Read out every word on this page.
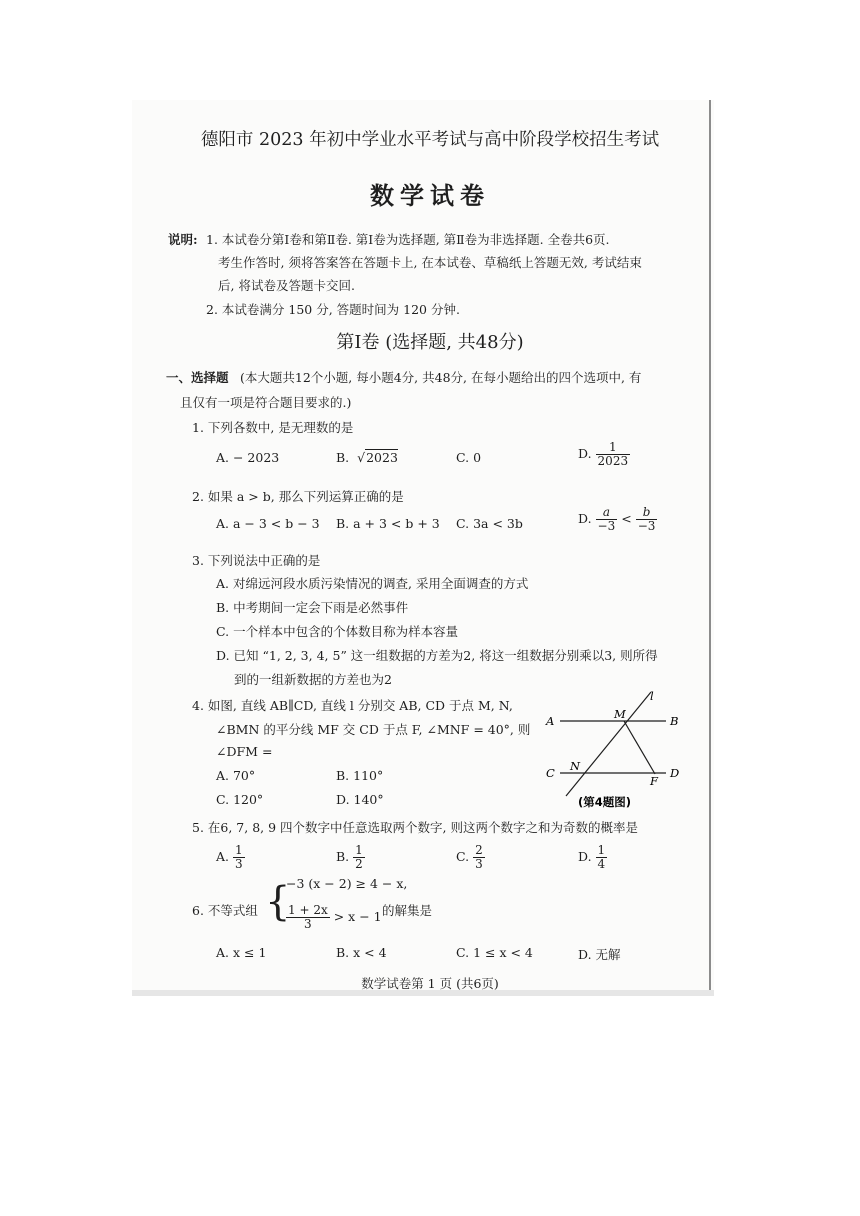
德阳市 2023 年初中学业水平考试与高中阶段学校招生考试
数学试卷
说明: 1. 本试卷分第Ⅰ卷和第Ⅱ卷. 第Ⅰ卷为选择题, 第Ⅱ卷为非选择题. 全卷共6页.
考生作答时, 须将答案答在答题卡上, 在本试卷、草稿纸上答题无效, 考试结束
后, 将试卷及答题卡交回.
2. 本试卷满分 150 分, 答题时间为 120 分钟.
第Ⅰ卷 (选择题, 共48分)
一、选择题 (本大题共12个小题, 每小题4分, 共48分, 在每小题给出的四个选项中, 有
且仅有一项是符合题目要求的.)
1. 下列各数中, 是无理数的是
A. − 2023	B.  √2023	C. 0	D. $\frac{1}{2023}$
2. 如果 a > b, 那么下列运算正确的是
A. a − 3 < b − 3 B. a + 3 < b + 3 C. 3a < 3b	D. $\frac{a}{-3} < \frac{b}{-3}$
3. 下列说法中正确的是
A. 对绵远河段水质污染情况的调查, 采用全面调查的方式
B. 中考期间一定会下雨是必然事件
C. 一个样本中包含的个体数目称为样本容量
D. 已知 “1, 2, 3, 4, 5” 这一组数据的方差为2, 将这一组数据分别乘以3, 则所得
到的一组新数据的方差也为2
4. 如图, 直线 AB∥CD, 直线 l 分别交 AB, CD 于点 M, N,
∠BMN 的平分线 MF 交 CD 于点 F, ∠MNF = 40°, 则
∠DFM =
A. 70°	B. 110°
C. 120°	D. 140°
A	B
C	D
M
N
F
l
(第4题图)
5. 在6, 7, 8, 9 四个数字中任意选取两个数字, 则这两个数字之和为奇数的概率是
A. $\frac{1}{3}$	B. $\frac{1}{2}$	C. $\frac{2}{3}$	D. $\frac{1}{4}$
6. 不等式组 {
−3 (x − 2) ≥ 4 − x,
$\frac{1 + 2x}{3} > x - 1$ 的解集是
A. x ≤ 1	B. x < 4	C. 1 ≤ x < 4	D. 无解
数学试卷第 1 页 (共6页)
